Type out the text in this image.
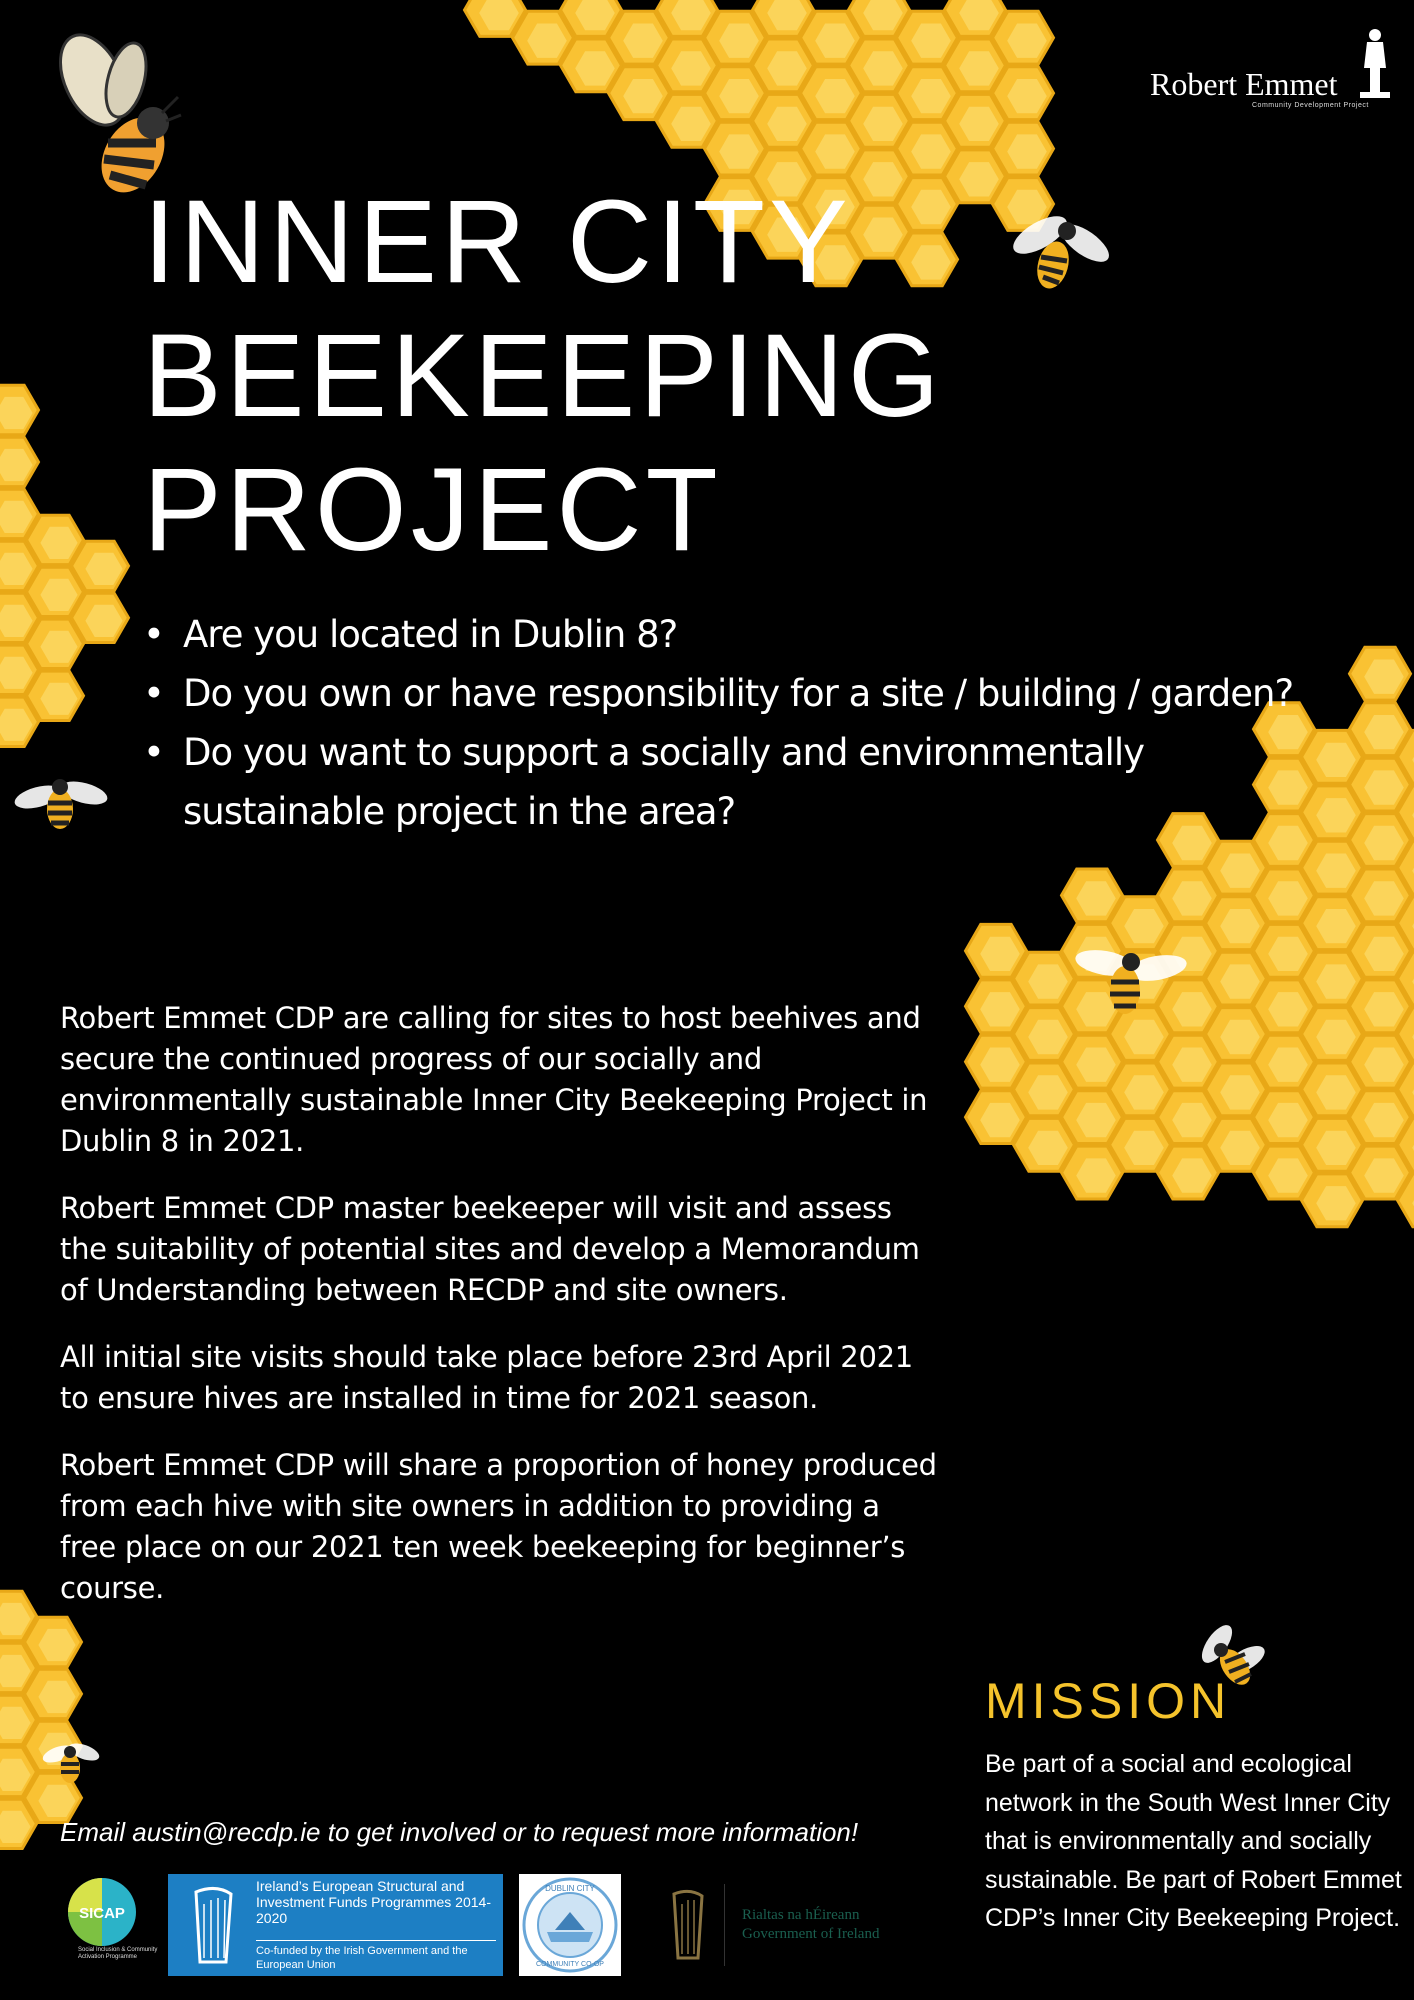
Robert Emmet
Community Development Project
INNER CITY
BEEKEEPING
PROJECT
• Are you located in Dublin 8?
• Do you own or have responsibility for a site / building / garden?
• Do you want to support a socially and environmentally sustainable project in the area?

Robert Emmet CDP are calling for sites to host beehives and secure the continued progress of our socially and environmentally sustainable Inner City Beekeeping Project in Dublin 8 in 2021.

Robert Emmet CDP master beekeeper will visit and assess the suitability of potential sites and develop a Memorandum of Understanding between RECDP and site owners.

All initial site visits should take place before 23rd April 2021 to ensure hives are installed in time for 2021 season.

Robert Emmet CDP will share a proportion of honey produced from each hive with site owners in addition to providing a free place on our 2021 ten week beekeeping for beginner’s course.

MISSION
Be part of a social and ecological network in the South West Inner City that is environmentally and socially sustainable. Be part of Robert Emmet CDP’s Inner City Beekeeping Project.
Email austin@recdp.ie to get involved or to request more information!
SICAP
Social Inclusion & Community Activation Programme
Ireland’s European Structural and Investment Funds Programmes 2014-2020
Co-funded by the Irish Government and the European Union
DUBLIN CITY
COMMUNITY CO-OP
Rialtas na hÉireann
Government of Ireland
